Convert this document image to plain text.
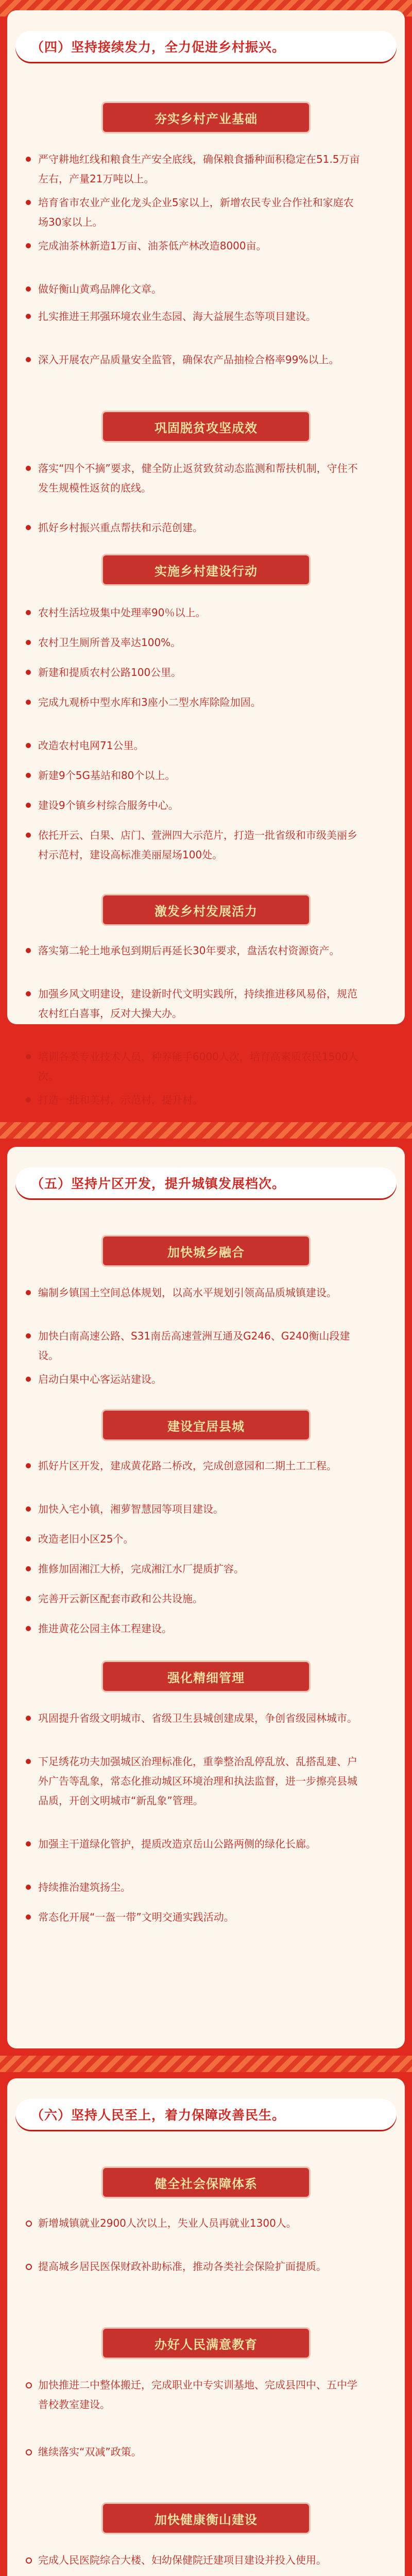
（四）坚持接续发力，全力促进乡村振兴。
夯实乡村产业基础
严守耕地红线和粮食生产安全底线，确保粮食播种面积稳定在51.5万亩左右，产量21万吨以上。
培育省市农业产业化龙头企业5家以上，新增农民专业合作社和家庭农场30家以上。
完成油茶林新造1万亩、油茶低产林改造8000亩。
做好衡山黄鸡品牌化文章。
扎实推进王邦强环境农业生态园、海大益展生态等项目建设。
深入开展农产品质量安全监管，确保农产品抽检合格率99%以上。
巩固脱贫攻坚成效
落实“四个不摘”要求，健全防止返贫致贫动态监测和帮扶机制，守住不发生规模性返贫的底线。
抓好乡村振兴重点帮扶和示范创建。
实施乡村建设行动
农村生活垃圾集中处理率90％以上。
农村卫生厕所普及率达100%。
新建和提质农村公路100公里。
完成九观桥中型水库和3座小二型水库除险加固。
改造农村电网71公里。
新建9个5G基站和80个以上。
建设9个镇乡村综合服务中心。
依托开云、白果、店门、萱洲四大示范片，打造一批省级和市级美丽乡村示范村，建设高标准美丽屋场100处。
激发乡村发展活力
落实第二轮土地承包到期后再延长30年要求，盘活农村资源资产。
加强乡风文明建设，建设新时代文明实践所，持续推进移风易俗，规范农村红白喜事，反对大操大办。
培训各类专业技术人员，种养能手6000人次，培育高素质农民1500人次。
打造一批和美村，示范村，提升村。
（五）坚持片区开发，提升城镇发展档次。
加快城乡融合
编制乡镇国土空间总体规划，以高水平规划引领高品质城镇建设。
加快白南高速公路、S31南岳高速萱洲互通及G246、G240衡山段建设。
启动白果中心客运站建设。
建设宜居县城
抓好片区开发，建成黄花路二桥改，完成创意园和二期土工工程。
加快入宅小镇，湘萝智慧园等项目建设。
改造老旧小区25个。
推修加固湘江大桥，完成湘江水厂提质扩容。
完善开云新区配套市政和公共设施。
推进黄花公园主体工程建设。
强化精细管理
巩固提升省级文明城市、省级卫生县城创建成果，争创省级园林城市。
下足绣花功夫加强城区治理标准化，重拳整治乱停乱放、乱搭乱建、户外广告等乱象，常态化推动城区环境治理和执法监督，进一步擦亮县城品质，开创文明城市“新乱象”管理。
加强主干道绿化管护，提质改造京岳山公路两侧的绿化长廊。
持续推治建筑扬尘。
常态化开展“一盔一带”文明交通实践活动。
（六）坚持人民至上，着力保障改善民生。
健全社会保障体系
新增城镇就业2900人次以上，失业人员再就业1300人。
提高城乡居民医保财政补助标准，推动各类社会保险扩面提质。
办好人民满意教育
加快推进二中整体搬迁，完成职业中专实训基地、完成县四中、五中学普校教室建设。
继续落实“双减”政策。
加快健康衡山建设
完成人民医院综合大楼、妇幼保健院迁建项目建设并投入使用。
